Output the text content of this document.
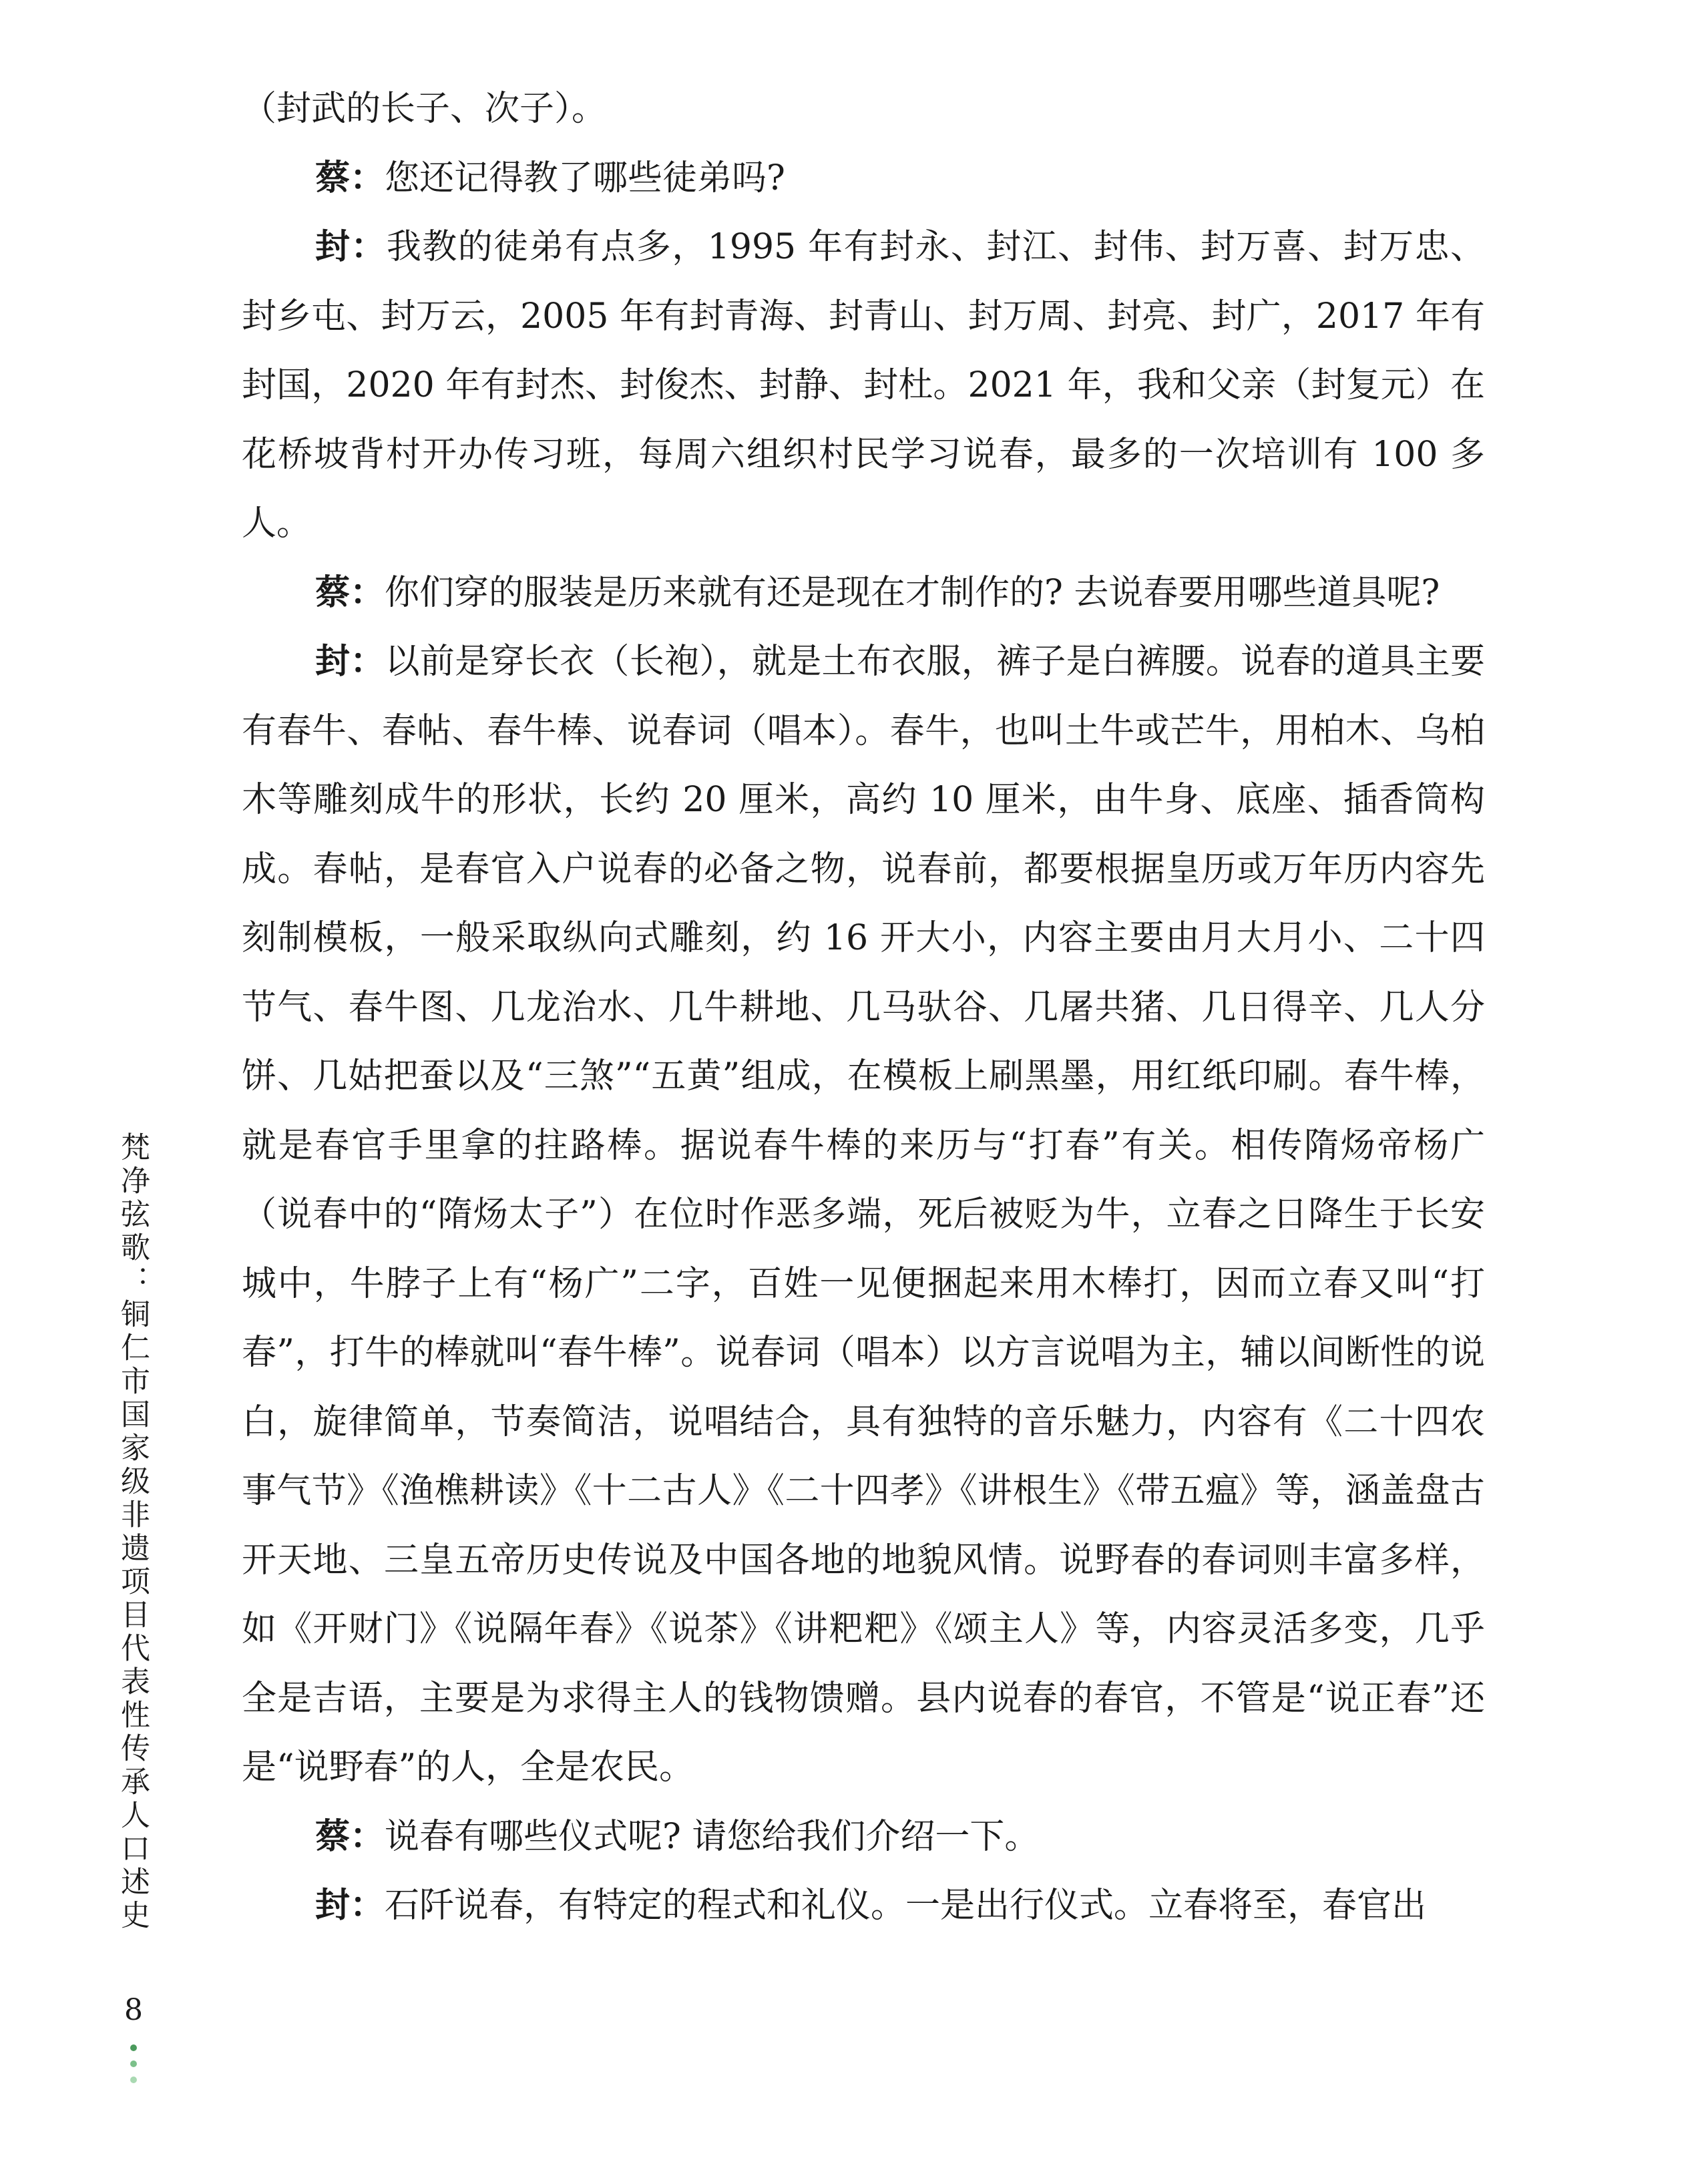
（封武的长子、次子）。

蔡：您还记得教了哪些徒弟吗?

封：我教的徒弟有点多，1995 年有封永、封江、封伟、封万喜、封万忠、封乡屯、封万云，2005 年有封青海、封青山、封万周、封亮、封广，2017 年有封国，2020 年有封杰、封俊杰、封静、封杜。2021 年，我和父亲（封复元）在花桥坡背村开办传习班，每周六组织村民学习说春，最多的一次培训有 100 多人。

蔡：你们穿的服装是历来就有还是现在才制作的? 去说春要用哪些道具呢?

封：以前是穿长衣（长袍），就是土布衣服，裤子是白裤腰。说春的道具主要有春牛、春帖、春牛棒、说春词（唱本）。春牛，也叫土牛或芒牛，用柏木、乌柏木等雕刻成牛的形状，长约 20 厘米，高约 10 厘米，由牛身、底座、插香筒构成。春帖，是春官入户说春的必备之物，说春前，都要根据皇历或万年历内容先刻制模板，一般采取纵向式雕刻，约 16 开大小，内容主要由月大月小、二十四节气、春牛图、几龙治水、几牛耕地、几马驮谷、几屠共猪、几日得辛、几人分饼、几姑把蚕以及“三煞”“五黄”组成，在模板上刷黑墨，用红纸印刷。春牛棒，就是春官手里拿的拄路棒。据说春牛棒的来历与“打春”有关。相传隋炀帝杨广（说春中的“隋炀太子”）在位时作恶多端，死后被贬为牛，立春之日降生于长安城中，牛脖子上有“杨广”二字，百姓一见便捆起来用木棒打，因而立春又叫“打春”，打牛的棒就叫“春牛棒”。说春词（唱本）以方言说唱为主，辅以间断性的说白，旋律简单，节奏简洁，说唱结合，具有独特的音乐魅力，内容有《二十四农事气节》《渔樵耕读》《十二古人》《二十四孝》《讲根生》《带五瘟》等，涵盖盘古开天地、三皇五帝历史传说及中国各地的地貌风情。说野春的春词则丰富多样，如《开财门》《说隔年春》《说茶》《讲粑粑》《颂主人》等，内容灵活多变，几乎全是吉语，主要是为求得主人的钱物馈赠。县内说春的春官，不管是“说正春”还是“说野春”的人，全是农民。

蔡：说春有哪些仪式呢? 请您给我们介绍一下。

封：石阡说春，有特定的程式和礼仪。一是出行仪式。立春将至，春官出

梵净弦歌：铜仁市国家级非遗项目代表性传承人口述史
8
